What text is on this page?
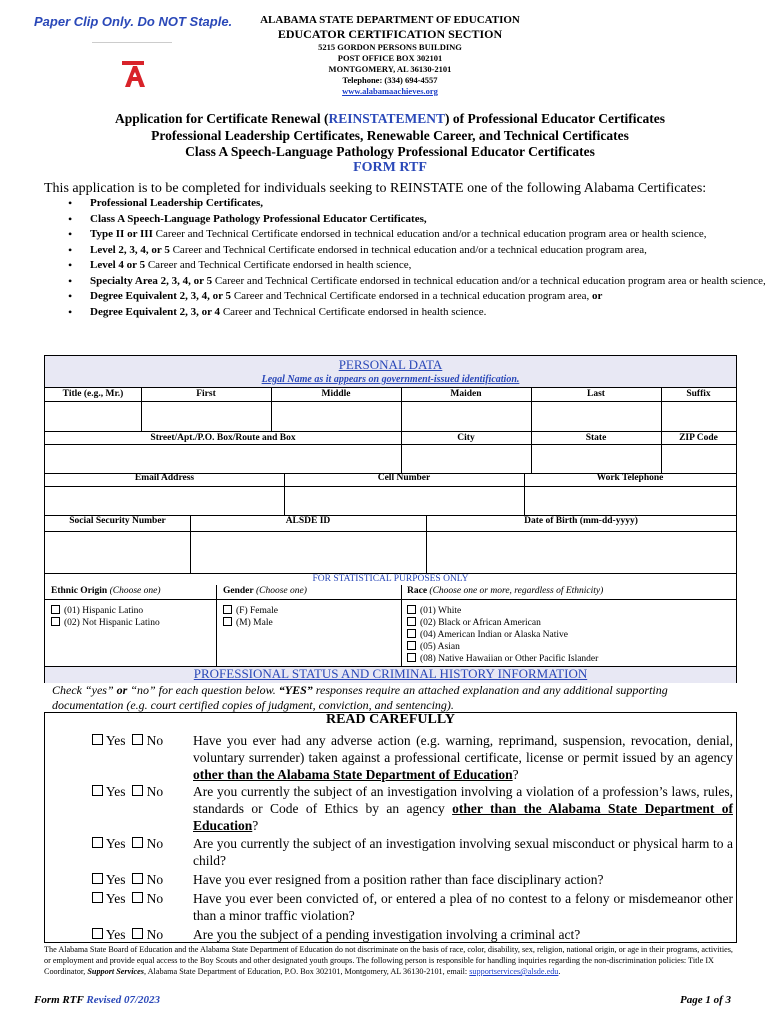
Paper Clip Only. Do NOT Staple.	ALABAMA STATE DEPARTMENT OF EDUCATION
EDUCATOR CERTIFICATION SECTION
5215 GORDON PERSONS BUILDING
POST OFFICE BOX 302101
MONTGOMERY, AL 36130-2101
Telephone: (334) 694-4557
www.alabamaachieves.org
Application for Certificate Renewal (REINSTATEMENT) of Professional Educator Certificates
Professional Leadership Certificates, Renewable Career, and Technical Certificates
Class A Speech-Language Pathology Professional Educator Certificates
FORM RTF
This application is to be completed for individuals seeking to REINSTATE one of the following Alabama Certificates:
• Professional Leadership Certificates,
• Class A Speech-Language Pathology Professional Educator Certificates,
• Type II or III Career and Technical Certificate endorsed in technical education and/or a technical education program area or health science,
• Level 2, 3, 4, or 5 Career and Technical Certificate endorsed in technical education and/or a technical education program area,
• Level 4 or 5 Career and Technical Certificate endorsed in health science,
• Specialty Area 2, 3, 4, or 5 Career and Technical Certificate endorsed in technical education and/or a technical education program area or health science,
• Degree Equivalent 2, 3, 4, or 5 Career and Technical Certificate endorsed in a technical education program area, or
• Degree Equivalent 2, 3, or 4 Career and Technical Certificate endorsed in health science.
PERSONAL DATA
Legal Name as it appears on government-issued identification.
Title (e.g., Mr.)	First	Middle	Maiden	Last	Suffix
Street/Apt./P.O. Box/Route and Box	City	State	ZIP Code
Email Address	Cell Number	Work Telephone
Social Security Number	ALSDE ID	Date of Birth (mm-dd-yyyy)
FOR STATISTICAL PURPOSES ONLY
Ethnic Origin (Choose one)	Gender (Choose one)	Race (Choose one or more, regardless of Ethnicity)
(01) Hispanic Latino
(02) Not Hispanic Latino
(F) Female
(M) Male
(01) White
(02) Black or African American
(04) American Indian or Alaska Native
(05) Asian
(08) Native Hawaiian or Other Pacific Islander
PROFESSIONAL STATUS AND CRIMINAL HISTORY INFORMATION
Check “yes” or “no” for each question below. “YES” responses require an attached explanation and any additional supporting documentation (e.g. court certified copies of judgment, conviction, and sentencing).
READ CAREFULLY
Yes No	Have you ever had any adverse action (e.g. warning, reprimand, suspension, revocation, denial, voluntary surrender) taken against a professional certificate, license or permit issued by an agency other than the Alabama State Department of Education?
Yes No	Are you currently the subject of an investigation involving a violation of a profession’s laws, rules, standards or Code of Ethics by an agency other than the Alabama State Department of Education?
Yes No	Are you currently the subject of an investigation involving sexual misconduct or physical harm to a child?
Yes No	Have you ever resigned from a position rather than face disciplinary action?
Yes No	Have you ever been convicted of, or entered a plea of no contest to a felony or misdemeanor other than a minor traffic violation?
Yes No	Are you the subject of a pending investigation involving a criminal act?
The Alabama State Board of Education and the Alabama State Department of Education do not discriminate on the basis of race, color, disability, sex, religion, national origin, or age in their programs, activities, or employment and provide equal access to the Boy Scouts and other designated youth groups. The following person is responsible for handling inquiries regarding the non-discrimination policies: Title IX Coordinator, Support Services, Alabama State Department of Education, P.O. Box 302101, Montgomery, AL 36130-2101, email: supportservices@alsde.edu.
Form RTF Revised 07/2023	Page 1 of 3
